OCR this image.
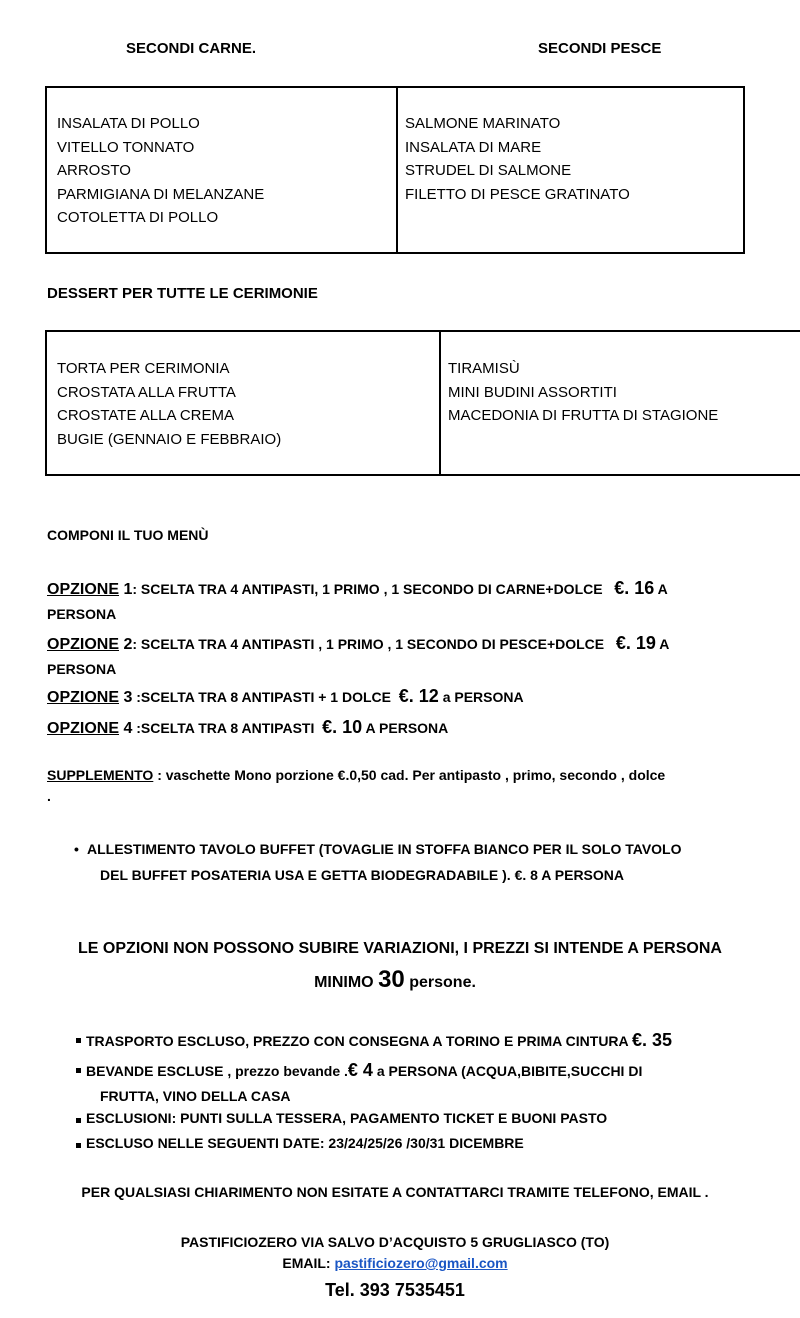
SECONDI CARNE.	SECONDI PESCE
INSALATA DI POLLO
VITELLO TONNATO
ARROSTO
PARMIGIANA DI MELANZANE
COTOLETTA DI POLLO
SALMONE MARINATO
INSALATA DI MARE
STRUDEL DI SALMONE
FILETTO DI PESCE GRATINATO
DESSERT PER TUTTE LE CERIMONIE
TORTA PER CERIMONIA
CROSTATA ALLA FRUTTA
CROSTATE ALLA CREMA
BUGIE (GENNAIO E FEBBRAIO)
TIRAMISÙ
MINI BUDINI ASSORTITI
MACEDONIA DI FRUTTA DI STAGIONE
COMPONI IL TUO MENÙ
OPZIONE 1: SCELTA TRA 4 ANTIPASTI, 1 PRIMO , 1 SECONDO DI CARNE+DOLCE   €. 16 A
PERSONA
OPZIONE 2: SCELTA TRA 4 ANTIPASTI , 1 PRIMO , 1 SECONDO DI PESCE+DOLCE   €. 19 A
PERSONA
OPZIONE 3 :SCELTA TRA 8 ANTIPASTI + 1 DOLCE  €. 12 a PERSONA
OPZIONE 4 :SCELTA TRA 8 ANTIPASTI  €. 10 A PERSONA
SUPPLEMENTO : vaschette Mono porzione €.0,50 cad. Per antipasto , primo, secondo , dolce
.
• ALLESTIMENTO TAVOLO BUFFET (TOVAGLIE IN STOFFA BIANCO PER IL SOLO TAVOLO
DEL BUFFET POSATERIA USA E GETTA BIODEGRADABILE ). €. 8 A PERSONA
LE OPZIONI NON POSSONO SUBIRE VARIAZIONI, I PREZZI SI INTENDE A PERSONA
MINIMO 30 persone.
TRASPORTO ESCLUSO, PREZZO CON CONSEGNA A TORINO E PRIMA CINTURA €. 35
BEVANDE ESCLUSE , prezzo bevande .€ 4 a PERSONA (ACQUA,BIBITE,SUCCHI DI
FRUTTA, VINO DELLA CASA
ESCLUSIONI: PUNTI SULLA TESSERA, PAGAMENTO TICKET E BUONI PASTO
ESCLUSO NELLE SEGUENTI DATE: 23/24/25/26 /30/31 DICEMBRE
PER QUALSIASI CHIARIMENTO NON ESITATE A CONTATTARCI TRAMITE TELEFONO, EMAIL .
PASTIFICIOZERO VIA SALVO D’ACQUISTO 5 GRUGLIASCO (TO)
EMAIL: pastificiozero@gmail.com
Tel. 393 7535451
